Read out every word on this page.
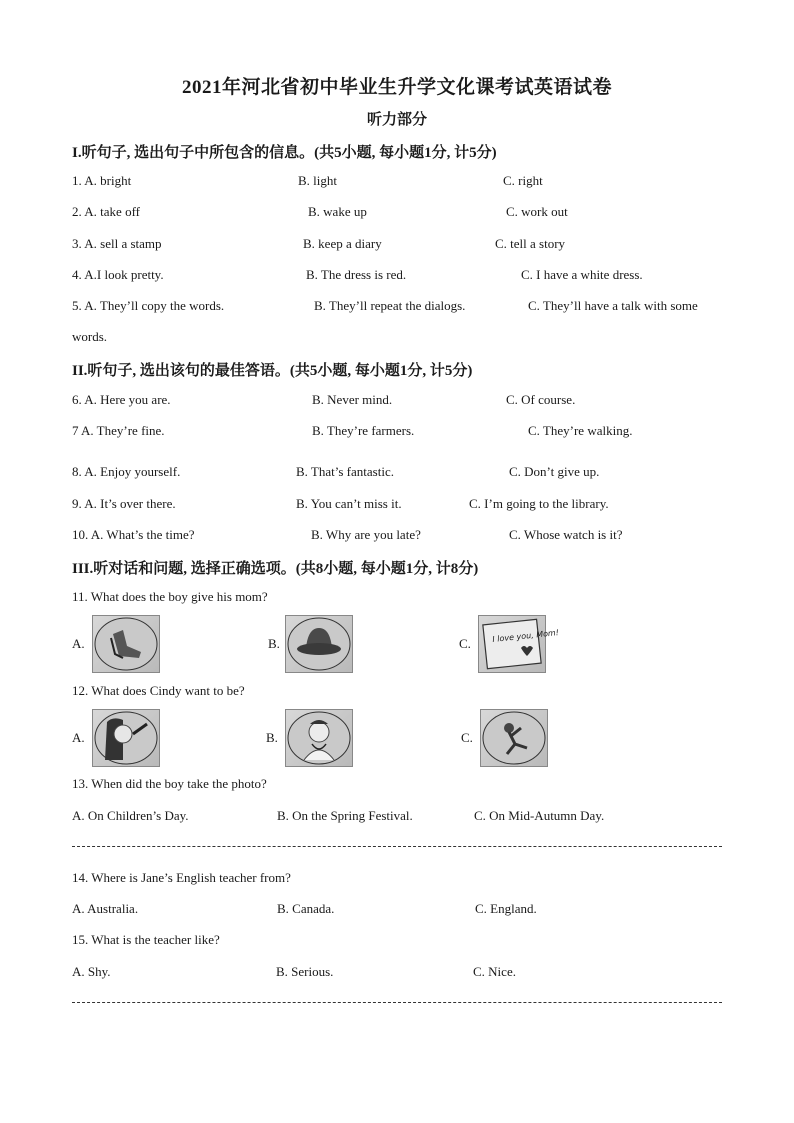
2021年河北省初中毕业生升学文化课考试英语试卷
听力部分
I.听句子, 选出句子中所包含的信息。(共5小题, 每小题1分, 计5分)
1. A. bright	B. light	C. right
2. A. take off	B. wake up	C. work out
3. A. sell a stamp	B. keep a diary	C. tell a story
4. A.I look pretty.	B. The dress is red.	C. I have a white dress.
5. A. They’ll copy the words.	B. They’ll repeat the dialogs.	C. They’ll have a talk with some
words.
II.听句子, 选出该句的最佳答语。(共5小题, 每小题1分, 计5分)
6. A. Here you are.	B. Never mind.	C. Of course.
7 A. They’re fine.	B. They’re farmers.	C. They’re walking.
8. A. Enjoy yourself.	B. That’s fantastic.	C. Don’t give up.
9. A. It’s over there.	B. You can’t miss it.	C. I’m going to the library.
10. A. What’s the time?	B. Why are you late?	C. Whose watch is it?
III.听对话和问题, 选择正确选项。(共8小题, 每小题1分, 计8分)
11. What does the boy give his mom?
A.	B.	C.	I love you, Mom!
12. What does Cindy want to be?
A.	B.	C.
13. When did the boy take the photo?
A. On Children’s Day.	B. On the Spring Festival.	C. On Mid-Autumn Day.
14. Where is Jane’s English teacher from?
A. Australia.	B. Canada.	C. England.
15. What is the teacher like?
A. Shy.	B. Serious.	C. Nice.
